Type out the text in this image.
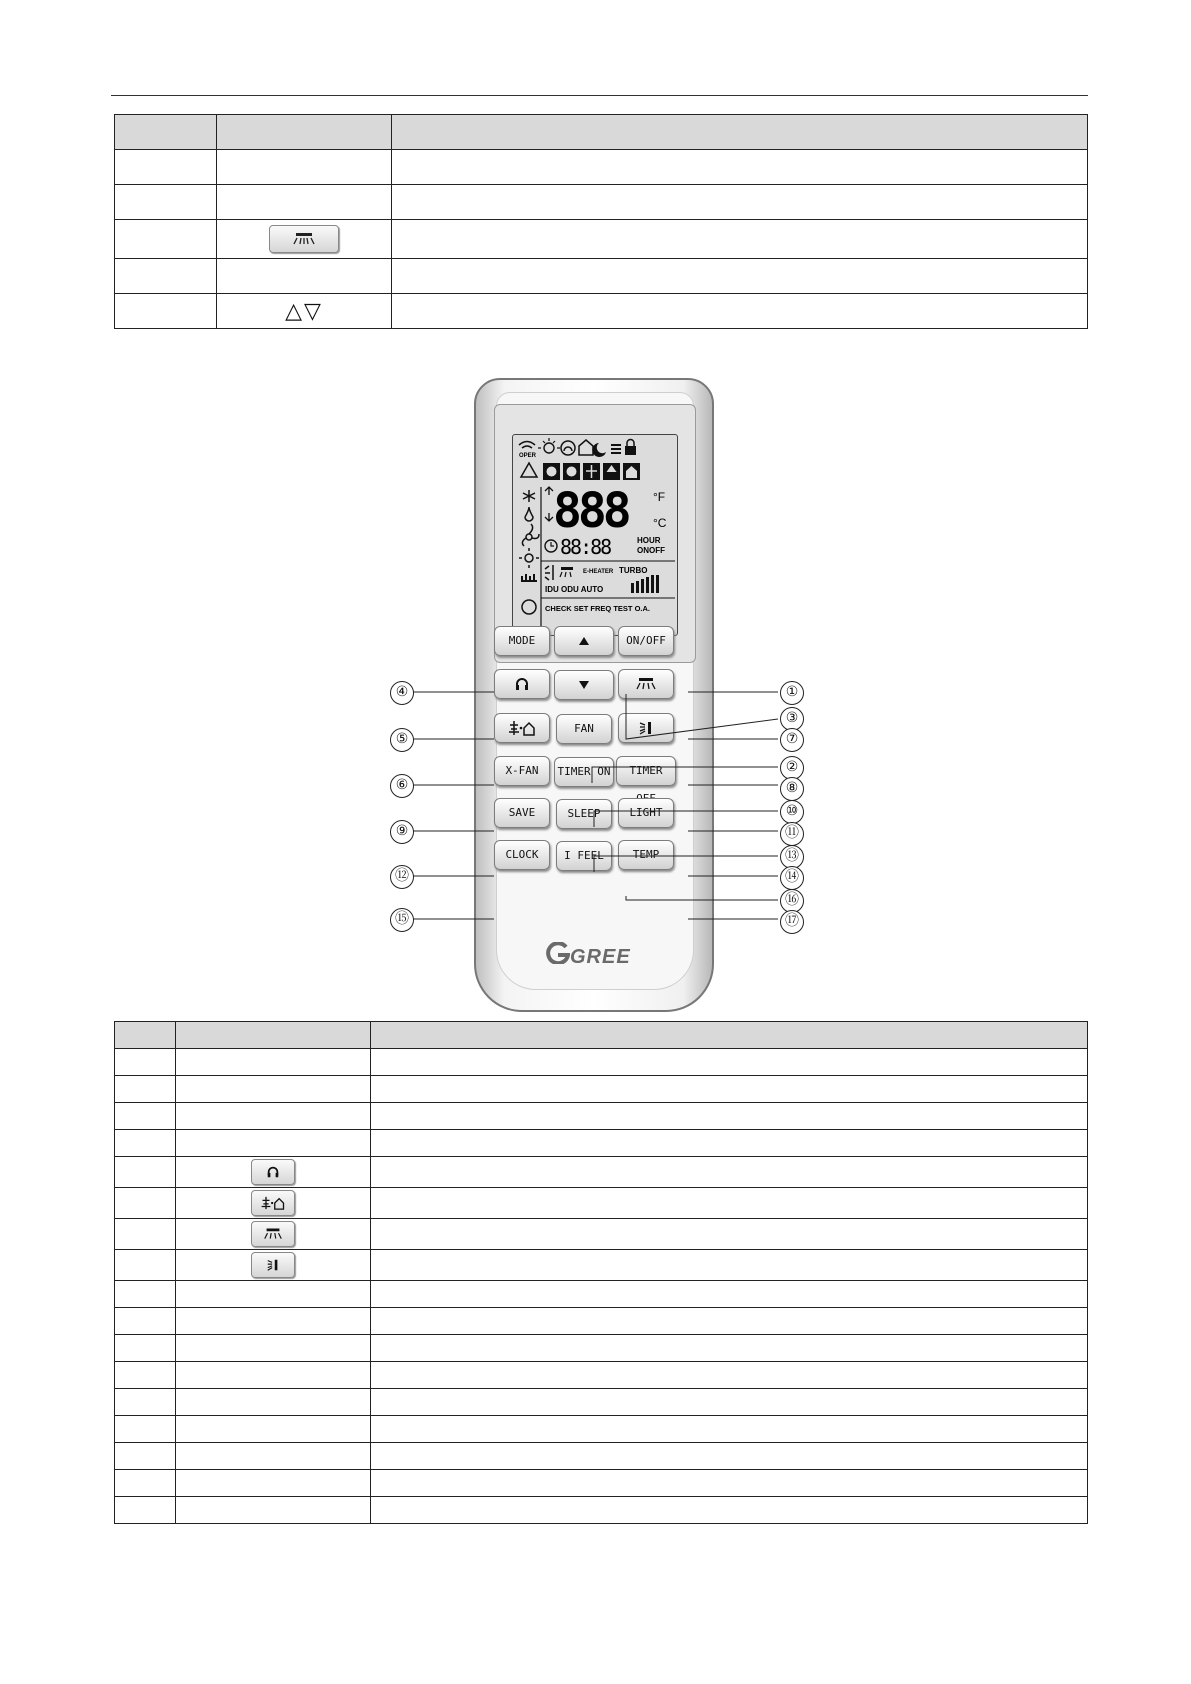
	△▽	
OPER
888 °F
°C
88:88	HOUR
ONOFF
E-HEATER TURBO
IDU ODU AUTO
CHECK SET FREQ TEST O.A.
MODE	ON/OFF
FAN
X-FAN	TIMER ON	TIMER
SAVE	SLEEP	LIGHT
CLOCK	I FEEL	TEMP
GREE
④
⑤
⑥
⑨
⑫
⑮
①
③
⑦
②
⑧
⑩
⑪
⑬
⑭
⑯
⑰
